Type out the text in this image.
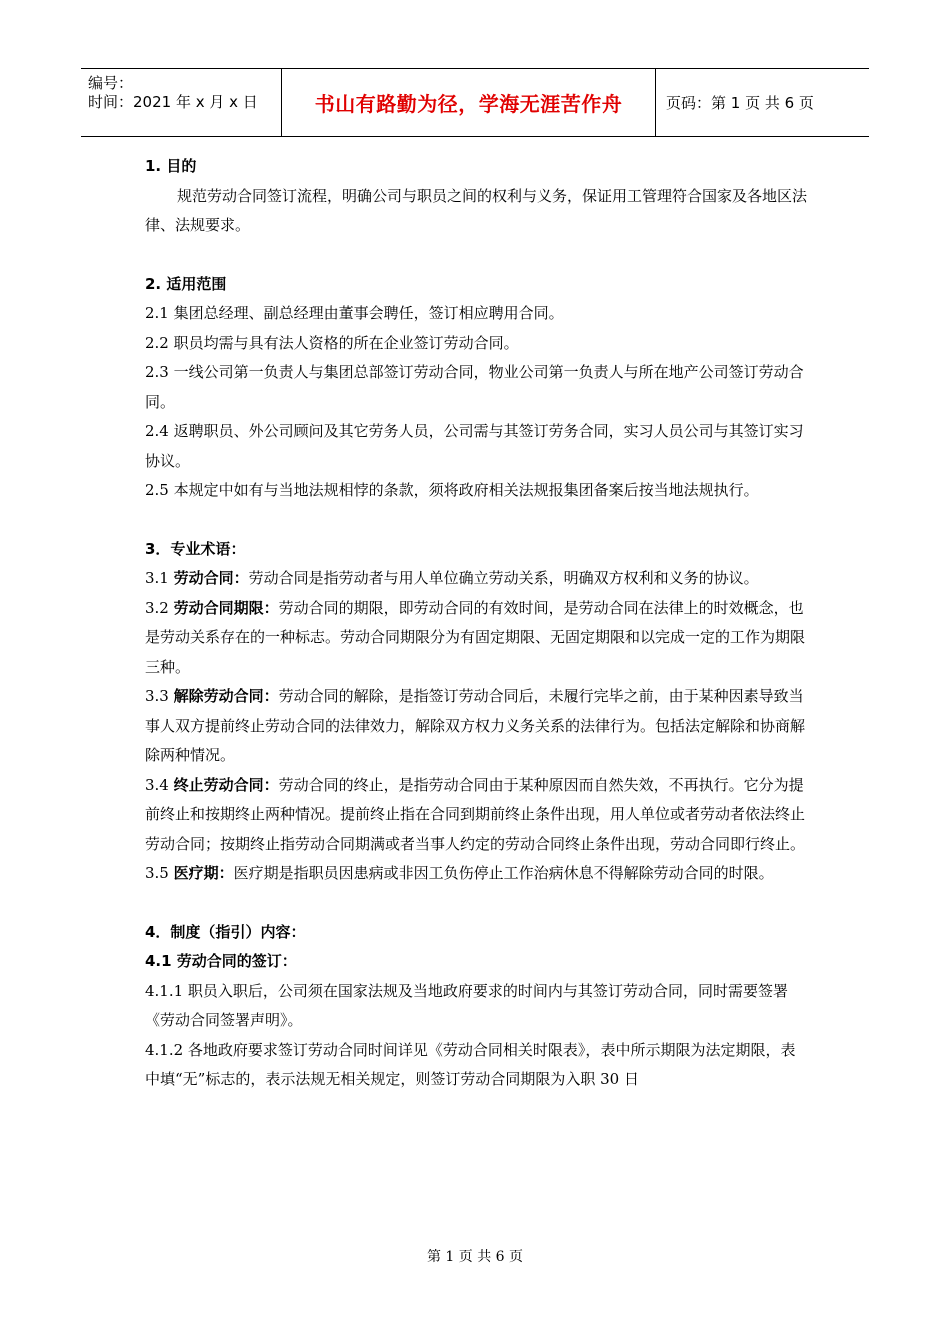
编号：
时间：2021 年 x 月 x 日	书山有路勤为径，学海无涯苦作舟	页码：第 1 页 共 6 页

1. 目的

规范劳动合同签订流程，明确公司与职员之间的权利与义务，保证用工管理符合国家及各地区法律、法规要求。

2. 适用范围

2.1 集团总经理、副总经理由董事会聘任，签订相应聘用合同。

2.2 职员均需与具有法人资格的所在企业签订劳动合同。

2.3 一线公司第一负责人与集团总部签订劳动合同，物业公司第一负责人与所在地产公司签订劳动合同。

2.4 返聘职员、外公司顾问及其它劳务人员，公司需与其签订劳务合同，实习人员公司与其签订实习协议。

2.5 本规定中如有与当地法规相悖的条款，须将政府相关法规报集团备案后按当地法规执行。

3．专业术语：

3.1 劳动合同：劳动合同是指劳动者与用人单位确立劳动关系，明确双方权利和义务的协议。

3.2 劳动合同期限：劳动合同的期限，即劳动合同的有效时间，是劳动合同在法律上的时效概念，也是劳动关系存在的一种标志。劳动合同期限分为有固定期限、无固定期限和以完成一定的工作为期限三种。

3.3 解除劳动合同：劳动合同的解除，是指签订劳动合同后，未履行完毕之前，由于某种因素导致当事人双方提前终止劳动合同的法律效力，解除双方权力义务关系的法律行为。包括法定解除和协商解除两种情况。

3.4 终止劳动合同：劳动合同的终止，是指劳动合同由于某种原因而自然失效，不再执行。它分为提前终止和按期终止两种情况。提前终止指在合同到期前终止条件出现，用人单位或者劳动者依法终止劳动合同；按期终止指劳动合同期满或者当事人约定的劳动合同终止条件出现，劳动合同即行终止。

3.5 医疗期：医疗期是指职员因患病或非因工负伤停止工作治病休息不得解除劳动合同的时限。

4．制度（指引）内容：

4.1 劳动合同的签订：

4.1.1 职员入职后，公司须在国家法规及当地政府要求的时间内与其签订劳动合同，同时需要签署《劳动合同签署声明》。

4.1.2 各地政府要求签订劳动合同时间详见《劳动合同相关时限表》，表中所示期限为法定期限，表中填“无”标志的，表示法规无相关规定，则签订劳动合同期限为入职 30 日

第 1 页 共 6 页
